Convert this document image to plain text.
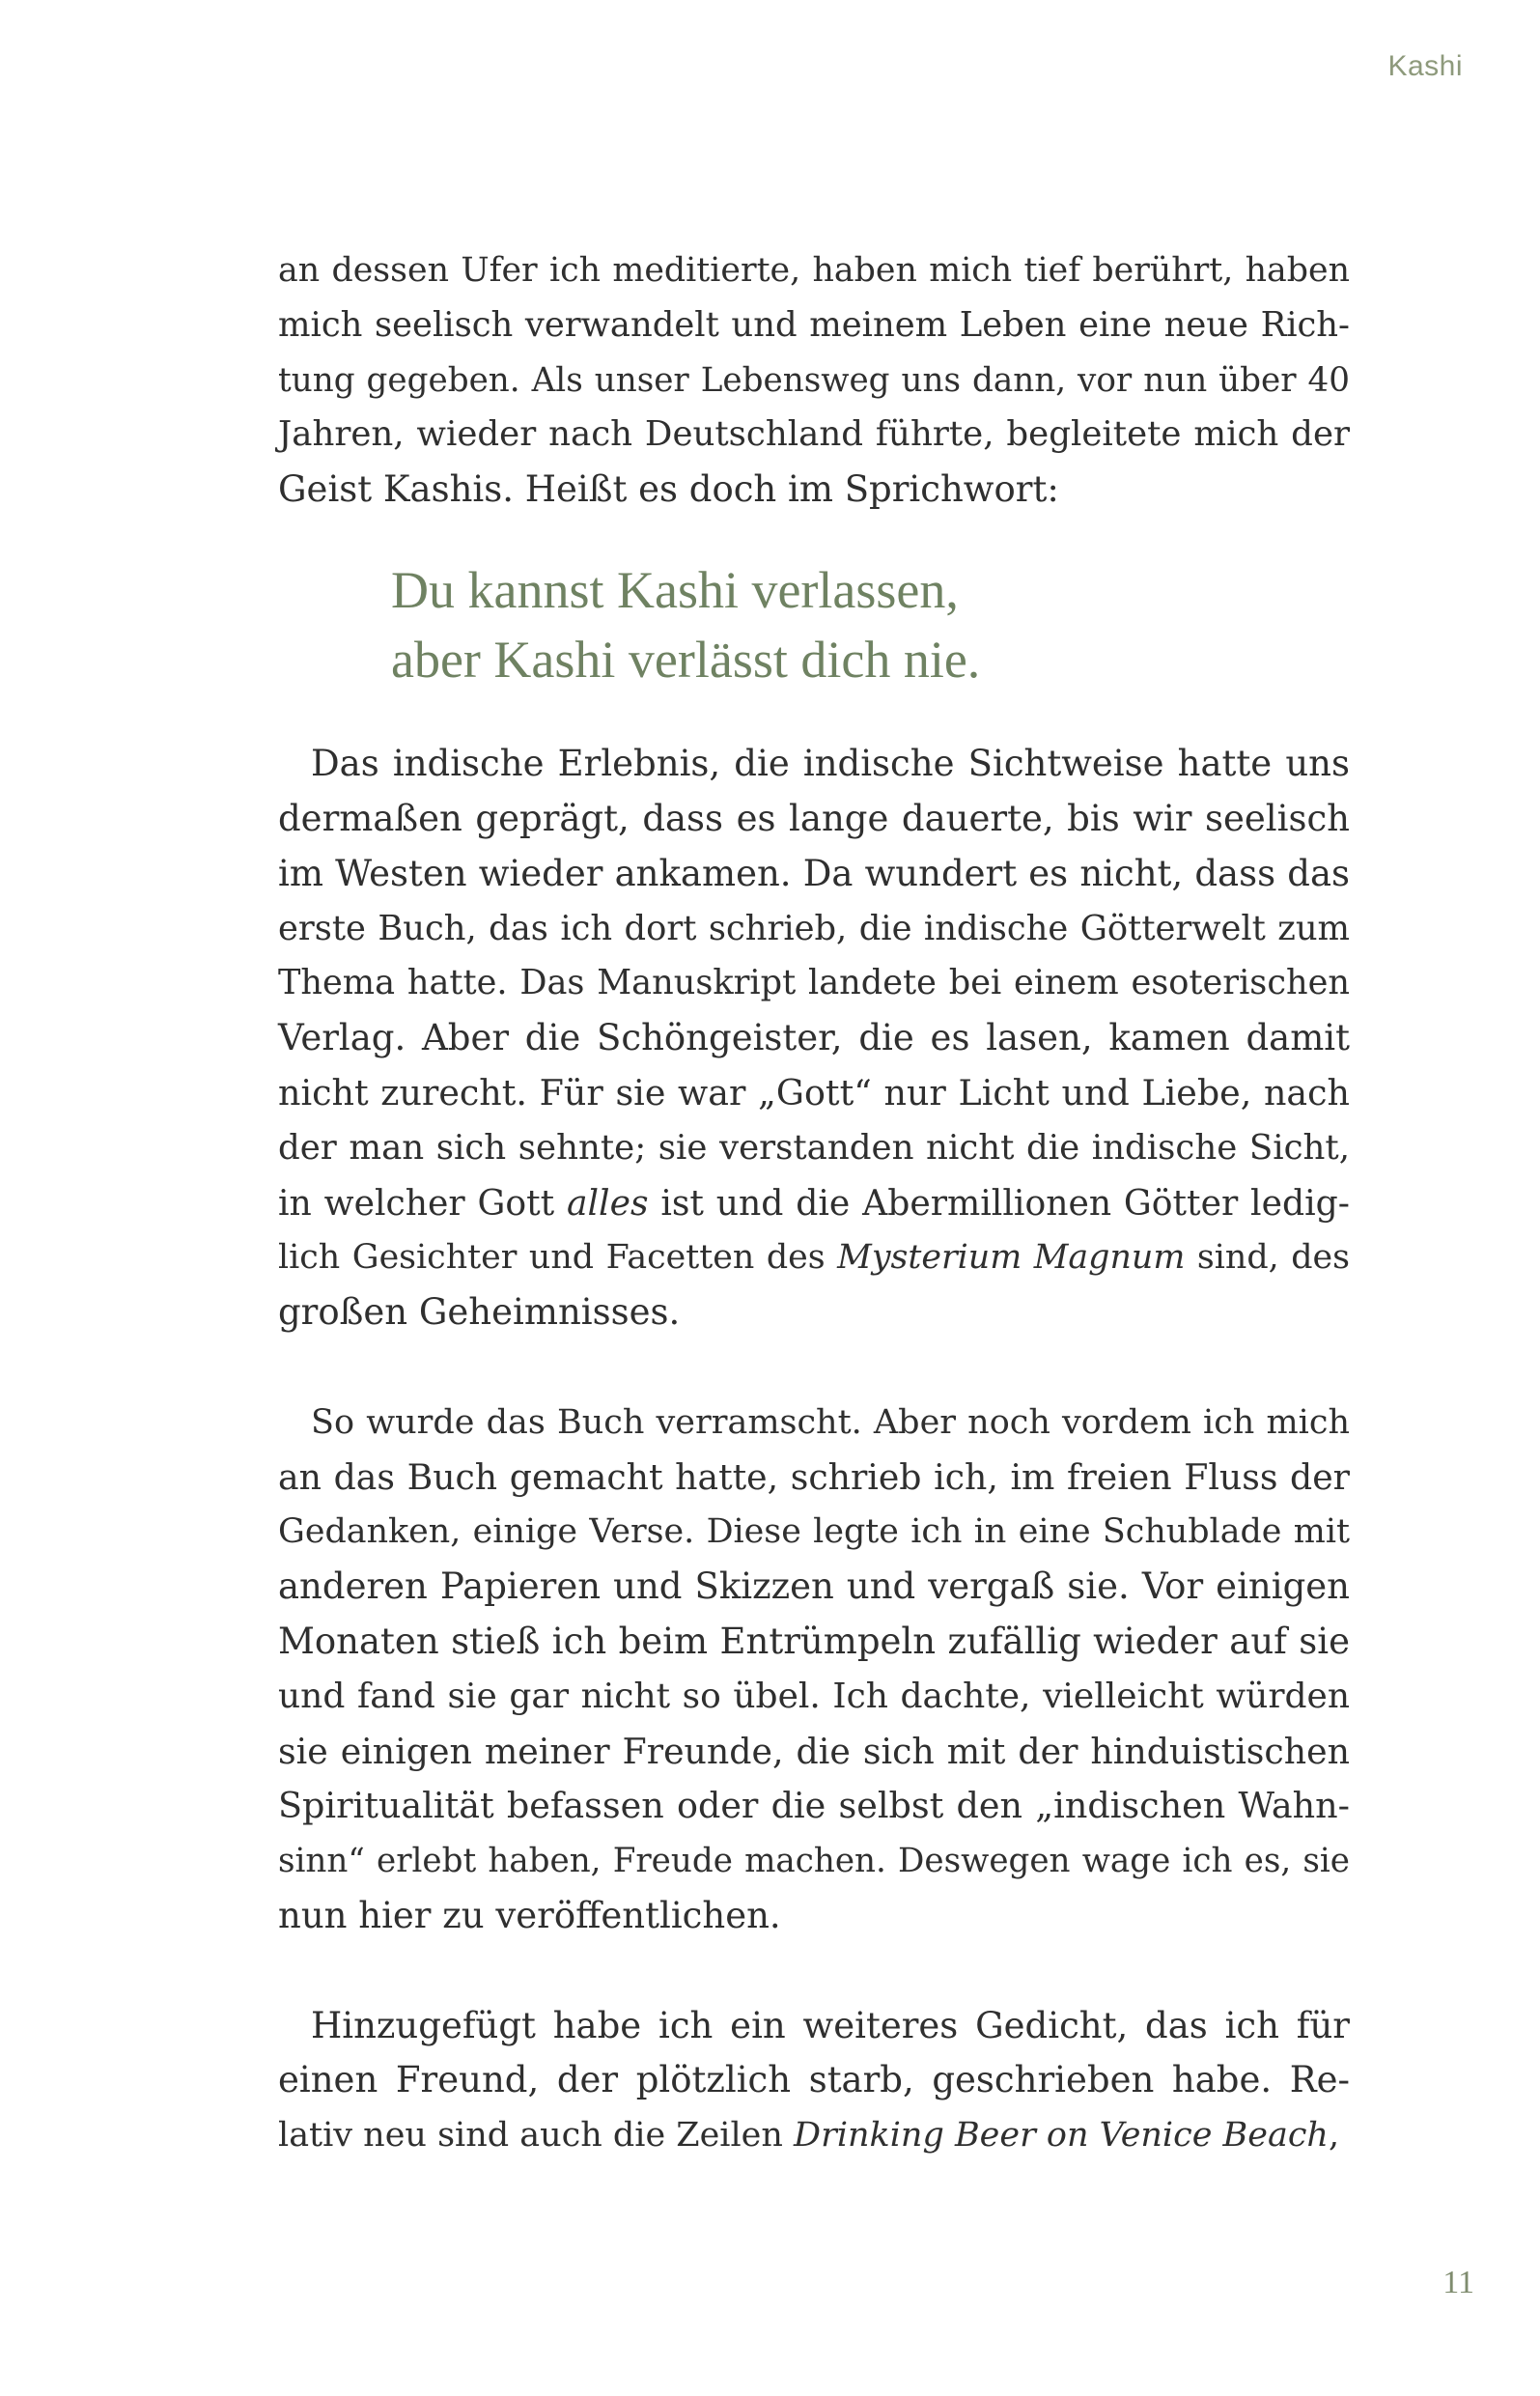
Kashi
an dessen Ufer ich meditierte, haben mich tief berührt, haben
mich seelisch verwandelt und meinem Leben eine neue Rich-
tung gegeben. Als unser Lebensweg uns dann, vor nun über 40
Jahren, wieder nach Deutschland führte, begleitete mich der
Geist Kashis. Heißt es doch im Sprichwort:
Das indische Erlebnis, die indische Sichtweise hatte uns
dermaßen geprägt, dass es lange dauerte, bis wir seelisch
im Westen wieder ankamen. Da wundert es nicht, dass das
erste Buch, das ich dort schrieb, die indische Götterwelt zum
Thema hatte. Das Manuskript landete bei einem esoterischen
Verlag. Aber die Schöngeister, die es lasen, kamen damit
nicht zurecht. Für sie war „Gott“ nur Licht und Liebe, nach
der man sich sehnte; sie verstanden nicht die indische Sicht,
in welcher Gott alles ist und die Abermillionen Götter ledig-
lich Gesichter und Facetten des Mysterium Magnum sind, des
großen Geheimnisses.
So wurde das Buch verramscht. Aber noch vordem ich mich
an das Buch gemacht hatte, schrieb ich, im freien Fluss der
Gedanken, einige Verse. Diese legte ich in eine Schublade mit
anderen Papieren und Skizzen und vergaß sie. Vor einigen
Monaten stieß ich beim Entrümpeln zufällig wieder auf sie
und fand sie gar nicht so übel. Ich dachte, vielleicht würden
sie einigen meiner Freunde, die sich mit der hinduistischen
Spiritualität befassen oder die selbst den „indischen Wahn-
sinn“ erlebt haben, Freude machen. Deswegen wage ich es, sie
nun hier zu veröffentlichen.
Hinzugefügt habe ich ein weiteres Gedicht, das ich für
einen Freund, der plötzlich starb, geschrieben habe. Re-
lativ neu sind auch die Zeilen Drinking Beer on Venice Beach,
Du kannst Kashi verlassen,
aber Kashi verlässt dich nie.
11
